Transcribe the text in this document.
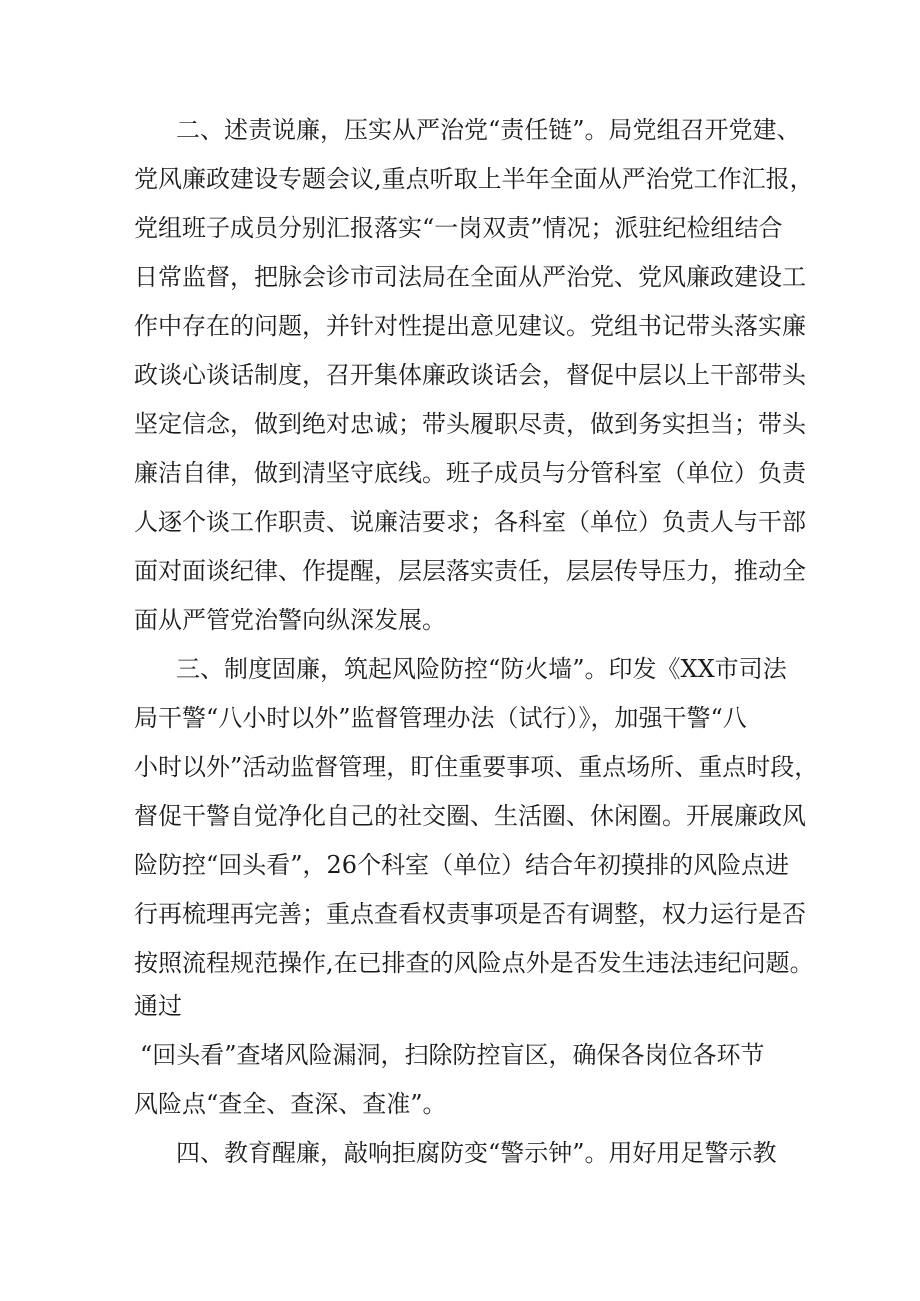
二、述责说廉，压实从严治党“责任链”。局党组召开党建、
党风廉政建设专题会议,重点听取上半年全面从严治党工作汇报，
党组班子成员分别汇报落实“一岗双责”情况；派驻纪检组结合
日常监督，把脉会诊市司法局在全面从严治党、党风廉政建设工
作中存在的问题，并针对性提出意见建议。党组书记带头落实廉
政谈心谈话制度，召开集体廉政谈话会，督促中层以上干部带头
坚定信念，做到绝对忠诚；带头履职尽责，做到务实担当；带头
廉洁自律，做到清坚守底线。班子成员与分管科室（单位）负责
人逐个谈工作职责、说廉洁要求；各科室（单位）负责人与干部
面对面谈纪律、作提醒，层层落实责任，层层传导压力，推动全
面从严管党治警向纵深发展。
三、制度固廉，筑起风险防控“防火墙”。印发《XX市司法
局干警“八小时以外”监督管理办法（试行）》，加强干警“八
小时以外”活动监督管理，盯住重要事项、重点场所、重点时段，
督促干警自觉净化自己的社交圈、生活圈、休闲圈。开展廉政风
险防控“回头看”，26个科室（单位）结合年初摸排的风险点进
行再梳理再完善；重点查看权责事项是否有调整，权力运行是否
按照流程规范操作,在已排查的风险点外是否发生违法违纪问题。
通过
“回头看”查堵风险漏洞，扫除防控盲区，确保各岗位各环节
风险点“查全、查深、查准”。
四、教育醒廉，敲响拒腐防变“警示钟”。用好用足警示教
